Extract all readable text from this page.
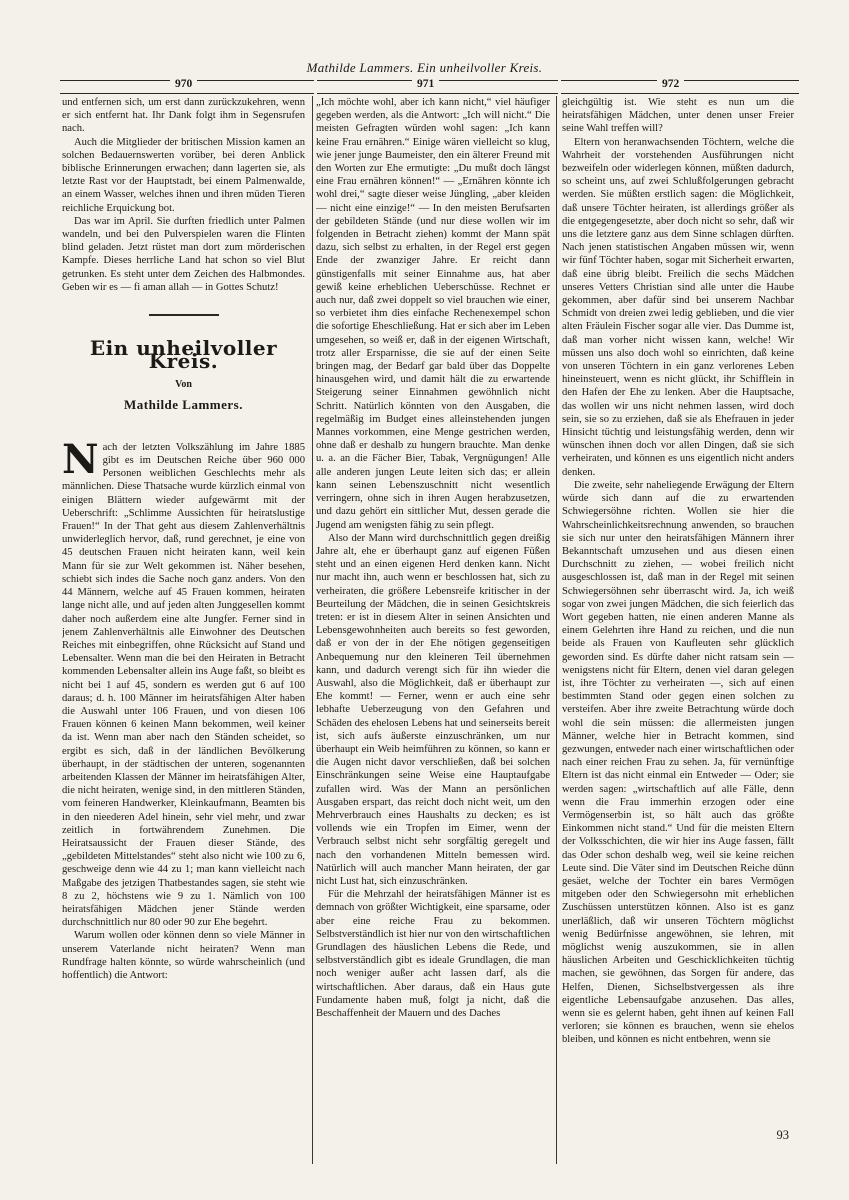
Mathilde Lammers. Ein unheilvoller Kreis.
970	971	972

und entfernen sich, um erst dann zurückzukehren, wenn er sich entfernt hat. Ihr Dank folgt ihm in Segensrufen nach.

Auch die Mitglieder der britischen Mission kamen an solchen Bedauernswerten vorüber, bei deren Anblick biblische Erinnerungen erwachen; dann lagerten sie, als letzte Rast vor der Hauptstadt, bei einem Palmenwalde, an einem Wasser, welches ihnen und ihren müden Tieren reichliche Erquickung bot.

Das war im April. Sie durften friedlich unter Palmen wandeln, und bei den Pulverspielen waren die Flinten blind geladen. Jetzt rüstet man dort zum mörderischen Kampfe. Dieses herrliche Land hat schon so viel Blut getrunken. Es steht unter dem Zeichen des Halbmondes. Geben wir es — fi aman allah — in Gottes Schutz!

Ein unheilvoller Kreis.
Von
Mathilde Lammers.

Nach der letzten Volkszählung im Jahre 1885 gibt es im Deutschen Reiche über 960 000 Personen weiblichen Geschlechts mehr als männlichen. Diese Thatsache wurde kürzlich einmal von einigen Blättern wieder aufgewärmt mit der Ueberschrift: „Schlimme Aussichten für heiratslustige Frauen!“ In der That geht aus diesem Zahlenverhältnis unwiderleglich hervor, daß, rund gerechnet, je eine von 45 deutschen Frauen nicht heiraten kann, weil kein Mann für sie zur Welt gekommen ist. Näher besehen, schiebt sich indes die Sache noch ganz anders. Von den 44 Männern, welche auf 45 Frauen kommen, heiraten lange nicht alle, und auf jeden alten Junggesellen kommt daher noch außerdem eine alte Jungfer. Ferner sind in jenem Zahlenverhältnis alle Einwohner des Deutschen Reiches mit einbegriffen, ohne Rücksicht auf Stand und Lebensalter. Wenn man die bei den Heiraten in Betracht kommenden Lebensalter allein ins Auge faßt, so bleibt es nicht bei 1 auf 45, sondern es werden gut 6 auf 100 daraus; d. h. 100 Männer im heiratsfähigen Alter haben die Auswahl unter 106 Frauen, und von diesen 106 Frauen können 6 keinen Mann bekommen, weil keiner da ist. Wenn man aber nach den Ständen scheidet, so ergibt es sich, daß in der ländlichen Bevölkerung überhaupt, in der städtischen der unteren, sogenannten arbeitenden Klassen der Männer im heiratsfähigen Alter, die nicht heiraten, wenige sind, in den mittleren Ständen, vom feineren Handwerker, Kleinkaufmann, Beamten bis in den nieederen Adel hinein, sehr viel mehr, und zwar zeitlich in fortwährendem Zunehmen. Die Heiratsaussicht der Frauen dieser Stände, des „gebildeten Mittelstandes“ steht also nicht wie 100 zu 6, geschweige denn wie 44 zu 1; man kann vielleicht nach Maßgabe des jetzigen Thatbestandes sagen, sie steht wie 8 zu 2, höchstens wie 9 zu 1. Nämlich von 100 heiratsfähigen Mädchen jener Stände werden durchschnittlich nur 80 oder 90 zur Ehe begehrt.

Warum wollen oder können denn so viele Männer in unserem Vaterlande nicht heiraten? Wenn man Rundfrage halten könnte, so würde wahrscheinlich (und hoffentlich) die Antwort:

„Ich möchte wohl, aber ich kann nicht,“ viel häufiger gegeben werden, als die Antwort: „Ich will nicht.“ Die meisten Gefragten würden wohl sagen: „Ich kann keine Frau ernähren.“ Einige wären vielleicht so klug, wie jener junge Baumeister, den ein älterer Freund mit den Worten zur Ehe ermutigte: „Du mußt doch längst eine Frau ernähren können!“ — „Ernähren könnte ich wohl drei,“ sagte dieser weise Jüngling, „aber kleiden — nicht eine einzige!“ — In den meisten Berufsarten der gebildeten Stände (und nur diese wollen wir im folgenden in Betracht ziehen) kommt der Mann spät dazu, sich selbst zu erhalten, in der Regel erst gegen Ende der zwanziger Jahre. Er reicht dann günstigenfalls mit seiner Einnahme aus, hat aber gewiß keine erheblichen Ueberschüsse. Rechnet er auch nur, daß zwei doppelt so viel brauchen wie einer, so verbietet ihm dies einfache Rechenexempel schon die sofortige Eheschließung. Hat er sich aber im Leben umgesehen, so weiß er, daß in der eigenen Wirtschaft, trotz aller Ersparnisse, die sie auf der einen Seite bringen mag, der Bedarf gar bald über das Doppelte hinausgehen wird, und damit hält die zu erwartende Steigerung seiner Einnahmen gewöhnlich nicht Schritt. Natürlich könnten von den Ausgaben, die regelmäßig im Budget eines alleinstehenden jungen Mannes vorkommen, eine Menge gestrichen werden, ohne daß er deshalb zu hungern brauchte. Man denke u. a. an die Fächer Bier, Tabak, Vergnügungen! Alle alle anderen jungen Leute leiten sich das; er allein kann seinen Lebenszuschnitt nicht wesentlich verringern, ohne sich in ihren Augen herabzusetzen, und dazu gehört ein sittlicher Mut, dessen gerade die Jugend am wenigsten fähig zu sein pflegt.

Also der Mann wird durchschnittlich gegen dreißig Jahre alt, ehe er überhaupt ganz auf eigenen Füßen steht und an einen eigenen Herd denken kann. Nicht nur macht ihn, auch wenn er beschlossen hat, sich zu verheiraten, die größere Lebensreife kritischer in der Beurteilung der Mädchen, die in seinen Gesichtskreis treten: er ist in diesem Alter in seinen Ansichten und Lebensgewohnheiten auch bereits so fest geworden, daß er von der in der Ehe nötigen gegenseitigen Anbequemung nur den kleineren Teil übernehmen kann, und dadurch verengt sich für ihn wieder die Auswahl, also die Möglichkeit, daß er überhaupt zur Ehe kommt! — Ferner, wenn er auch eine sehr lebhafte Ueberzeugung von den Gefahren und Schäden des ehelosen Lebens hat und seinerseits bereit ist, sich aufs äußerste einzuschränken, um nur überhaupt ein Weib heimführen zu können, so kann er die Augen nicht davor verschließen, daß bei solchen Einschränkungen seine Weise eine Hauptaufgabe zufallen wird. Was der Mann an persönlichen Ausgaben erspart, das reicht doch nicht weit, um den Mehrverbrauch eines Haushalts zu decken; es ist vollends wie ein Tropfen im Eimer, wenn der Verbrauch selbst nicht sehr sorgfältig geregelt und nach den vorhandenen Mitteln bemessen wird. Natürlich will auch mancher Mann heiraten, der gar nicht Lust hat, sich einzuschränken.

Für die Mehrzahl der heiratsfähigen Männer ist es demnach von größter Wichtigkeit, eine sparsame, oder aber eine reiche Frau zu bekommen. Selbstverständlich ist hier nur von den wirtschaftlichen Grundlagen des häuslichen Lebens die Rede, und selbstverständlich gibt es ideale Grundlagen, die man noch weniger außer acht lassen darf, als die wirtschaftlichen. Aber daraus, daß ein Haus gute Fundamente haben muß, folgt ja nicht, daß die Beschaffenheit der Mauern und des Daches

gleichgültig ist. Wie steht es nun um die heiratsfähigen Mädchen, unter denen unser Freier seine Wahl treffen will?

Eltern von heranwachsenden Töchtern, welche die Wahrheit der vorstehenden Ausführungen nicht bezweifeln oder widerlegen können, müßten dadurch, so scheint uns, auf zwei Schlußfolgerungen gebracht werden. Sie müßten erstlich sagen: die Möglichkeit, daß unsere Töchter heiraten, ist allerdings größer als die entgegengesetzte, aber doch nicht so sehr, daß wir uns die letztere ganz aus dem Sinne schlagen dürften. Nach jenen statistischen Angaben müssen wir, wenn wir fünf Töchter haben, sogar mit Sicherheit erwarten, daß eine übrig bleibt. Freilich die sechs Mädchen unseres Vetters Christian sind alle unter die Haube gekommen, aber dafür sind bei unserem Nachbar Schmidt von dreien zwei ledig geblieben, und die vier alten Fräulein Fischer sogar alle vier. Das Dumme ist, daß man vorher nicht wissen kann, welche! Wir müssen uns also doch wohl so einrichten, daß keine von unseren Töchtern in ein ganz verlorenes Leben hineinsteuert, wenn es nicht glückt, ihr Schifflein in den Hafen der Ehe zu lenken. Aber die Hauptsache, das wollen wir uns nicht nehmen lassen, wird doch sein, sie so zu erziehen, daß sie als Ehefrauen in jeder Hinsicht tüchtig und leistungsfähig werden, denn wir wünschen ihnen doch vor allen Dingen, daß sie sich verheiraten, und können es uns eigentlich nicht anders denken.

Die zweite, sehr naheliegende Erwägung der Eltern würde sich dann auf die zu erwartenden Schwiegersöhne richten. Wollen sie hier die Wahrscheinlichkeitsrechnung anwenden, so brauchen sie sich nur unter den heiratsfähigen Männern ihrer Bekanntschaft umzusehen und aus diesen einen Durchschnitt zu ziehen, — wobei freilich nicht ausgeschlossen ist, daß man in der Regel mit seinen Schwiegersöhnen sehr überrascht wird. Ja, ich weiß sogar von zwei jungen Mädchen, die sich feierlich das Wort gegeben hatten, nie einen anderen Manne als einem Gelehrten ihre Hand zu reichen, und die nun beide als Frauen von Kaufleuten sehr glücklich geworden sind. Es dürfte daher nicht ratsam sein — wenigstens nicht für Eltern, denen viel daran gelegen ist, ihre Töchter zu verheiraten —, sich auf einen bestimmten Stand oder gegen einen solchen zu versteifen. Aber ihre zweite Betrachtung würde doch wohl die sein müssen: die allermeisten jungen Männer, welche hier in Betracht kommen, sind gezwungen, entweder nach einer wirtschaftlichen oder nach einer reichen Frau zu sehen. Ja, für vernünftige Eltern ist das nicht einmal ein Entweder — Oder; sie werden sagen: „wirtschaftlich auf alle Fälle, denn wenn die Frau immerhin erzogen oder eine Vermögenserbin ist, so hält auch das größte Einkommen nicht stand.“ Und für die meisten Eltern der Volksschichten, die wir hier ins Auge fassen, fällt das Oder schon deshalb weg, weil sie keine reichen Leute sind. Die Väter sind im Deutschen Reiche dünn gesäet, welche der Tochter ein bares Vermögen mitgeben oder den Schwiegersohn mit erheblichen Zuschüssen unterstützen können. Also ist es ganz unerläßlich, daß wir unseren Töchtern möglichst wenig Bedürfnisse angewöhnen, sie lehren, mit möglichst wenig auszukommen, sie in allen häuslichen Arbeiten und Geschicklichkeiten tüchtig machen, sie gewöhnen, das Sorgen für andere, das Helfen, Dienen, Sichselbstvergessen als ihre eigentliche Lebensaufgabe anzusehen. Das alles, wenn sie es gelernt haben, geht ihnen auf keinen Fall verloren; sie können es brauchen, wenn sie ehelos bleiben, und können es nicht entbehren, wenn sie

93
